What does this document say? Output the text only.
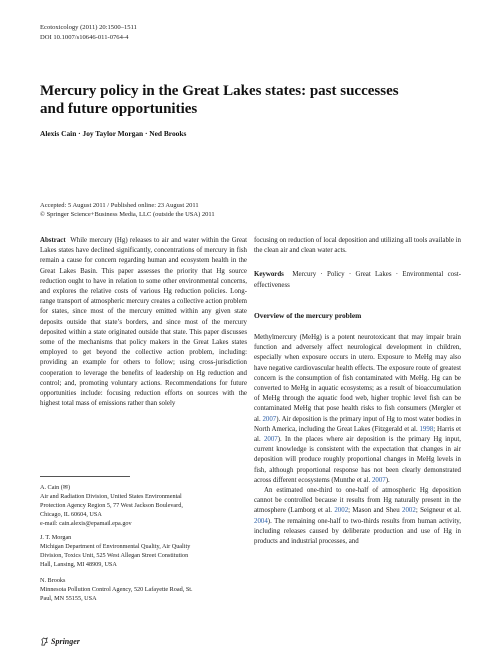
Ecotoxicology (2011) 20:1500–1511
DOI 10.1007/s10646-011-0764-4
Mercury policy in the Great Lakes states: past successes
and future opportunities
Alexis Cain · Joy Taylor Morgan · Ned Brooks
Accepted: 5 August 2011 / Published online: 23 August 2011
© Springer Science+Business Media, LLC (outside the USA) 2011

Abstract While mercury (Hg) releases to air and water within the Great Lakes states have declined significantly, concentrations of mercury in fish remain a cause for concern regarding human and ecosystem health in the Great Lakes Basin. This paper assesses the priority that Hg source reduction ought to have in relation to some other environmental concerns, and explores the relative costs of various Hg reduction policies. Long-range transport of atmospheric mercury creates a collective action problem for states, since most of the mercury emitted within any given state deposits outside that state’s borders, and since most of the mercury deposited within a state originated outside that state. This paper discusses some of the mechanisms that policy makers in the Great Lakes states employed to get beyond the collective action problem, including: providing an example for others to follow; using cross-jurisdiction cooperation to leverage the benefits of leadership on Hg reduction and control; and, promoting voluntary actions. Recommendations for future opportunities include: focusing reduction efforts on sources with the highest total mass of emissions rather than solely

focusing on reduction of local deposition and utilizing all tools available in the clean air and clean water acts.

Keywords Mercury · Policy · Great Lakes · Environmental cost-effectiveness

Overview of the mercury problem

Methylmercury (MeHg) is a potent neurotoxicant that may impair brain function and adversely affect neurological development in children, especially when exposure occurs in utero. Exposure to MeHg may also have negative cardiovascular health effects. The exposure route of greatest concern is the consumption of fish contaminated with MeHg. Hg can be converted to MeHg in aquatic ecosystems; as a result of bioaccumulation of MeHg through the aquatic food web, higher trophic level fish can be contaminated MeHg that pose health risks to fish consumers (Mergler et al. 2007). Air deposition is the primary input of Hg to most water bodies in North America, including the Great Lakes (Fitzgerald et al. 1998; Harris et al. 2007). In the places where air deposition is the primary Hg input, current knowledge is consistent with the expectation that changes in air deposition will produce roughly proportional changes in MeHg levels in fish, although proportional response has not been clearly demonstrated across different ecosystems (Munthe et al. 2007).

An estimated one-third to one-half of atmospheric Hg deposition cannot be controlled because it results from Hg naturally present in the atmosphere (Lamborg et al. 2002; Mason and Sheu 2002; Seigneur et al. 2004). The remaining one-half to two-thirds results from human activity, including releases caused by deliberate production and use of Hg in products and industrial processes, and

A. Cain (✉)
Air and Radiation Division, United States Environmental
Protection Agency Region 5, 77 West Jackson Boulevard,
Chicago, IL 60604, USA
e-mail: cain.alexis@epamail.epa.gov
J. T. Morgan
Michigan Department of Environmental Quality, Air Quality
Division, Toxics Unit, 525 West Allegan Street Constitution
Hall, Lansing, MI 48909, USA
N. Brooks
Minnesota Pollution Control Agency, 520 Lafayette Road, St.
Paul, MN 55155, USA
Springer
